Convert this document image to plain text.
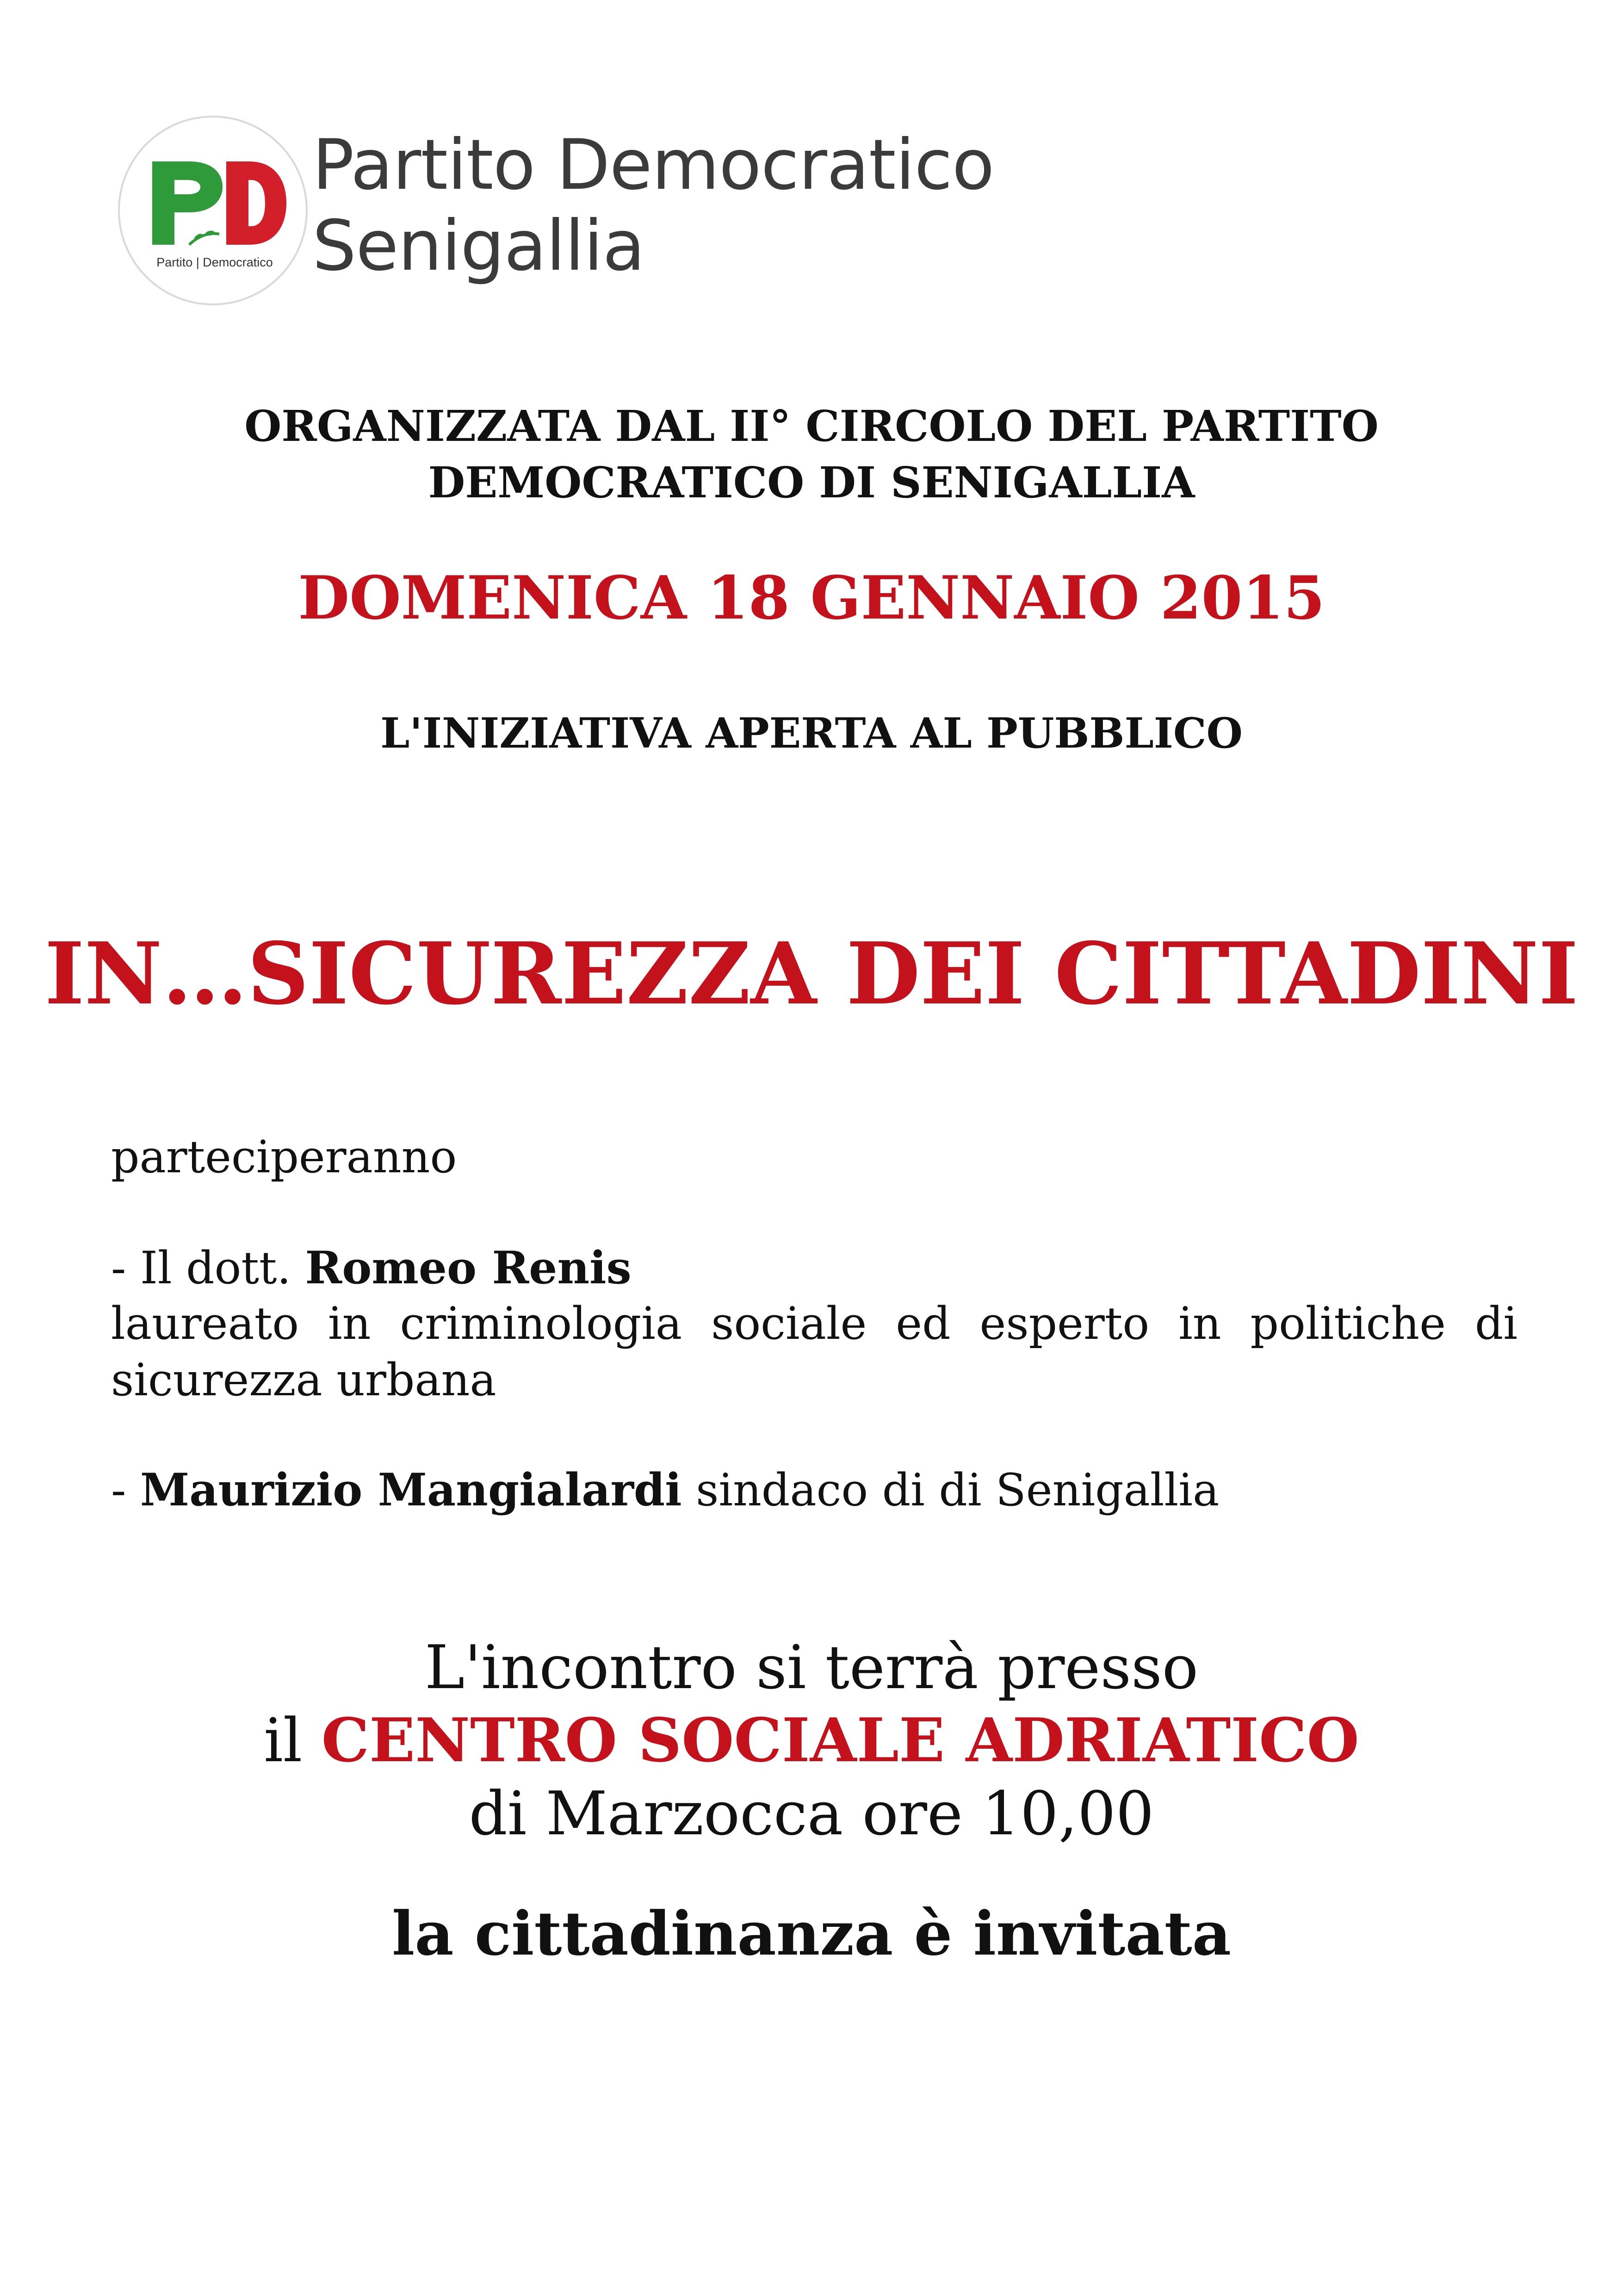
Partito | Democratico
Partito Democratico
Senigallia
ORGANIZZATA DAL II° CIRCOLO DEL PARTITO
DEMOCRATICO DI SENIGALLIA
DOMENICA 18 GENNAIO 2015
L'INIZIATIVA APERTA AL PUBBLICO
IN…SICUREZZA DEI CITTADINI
parteciperanno
- Il dott. Romeo Renis
laureato in criminologia sociale ed esperto in politiche di sicurezza urbana
- Maurizio Mangialardi sindaco di di Senigallia
L'incontro si terrà presso
il CENTRO SOCIALE ADRIATICO
di Marzocca ore 10,00
la cittadinanza è invitata
